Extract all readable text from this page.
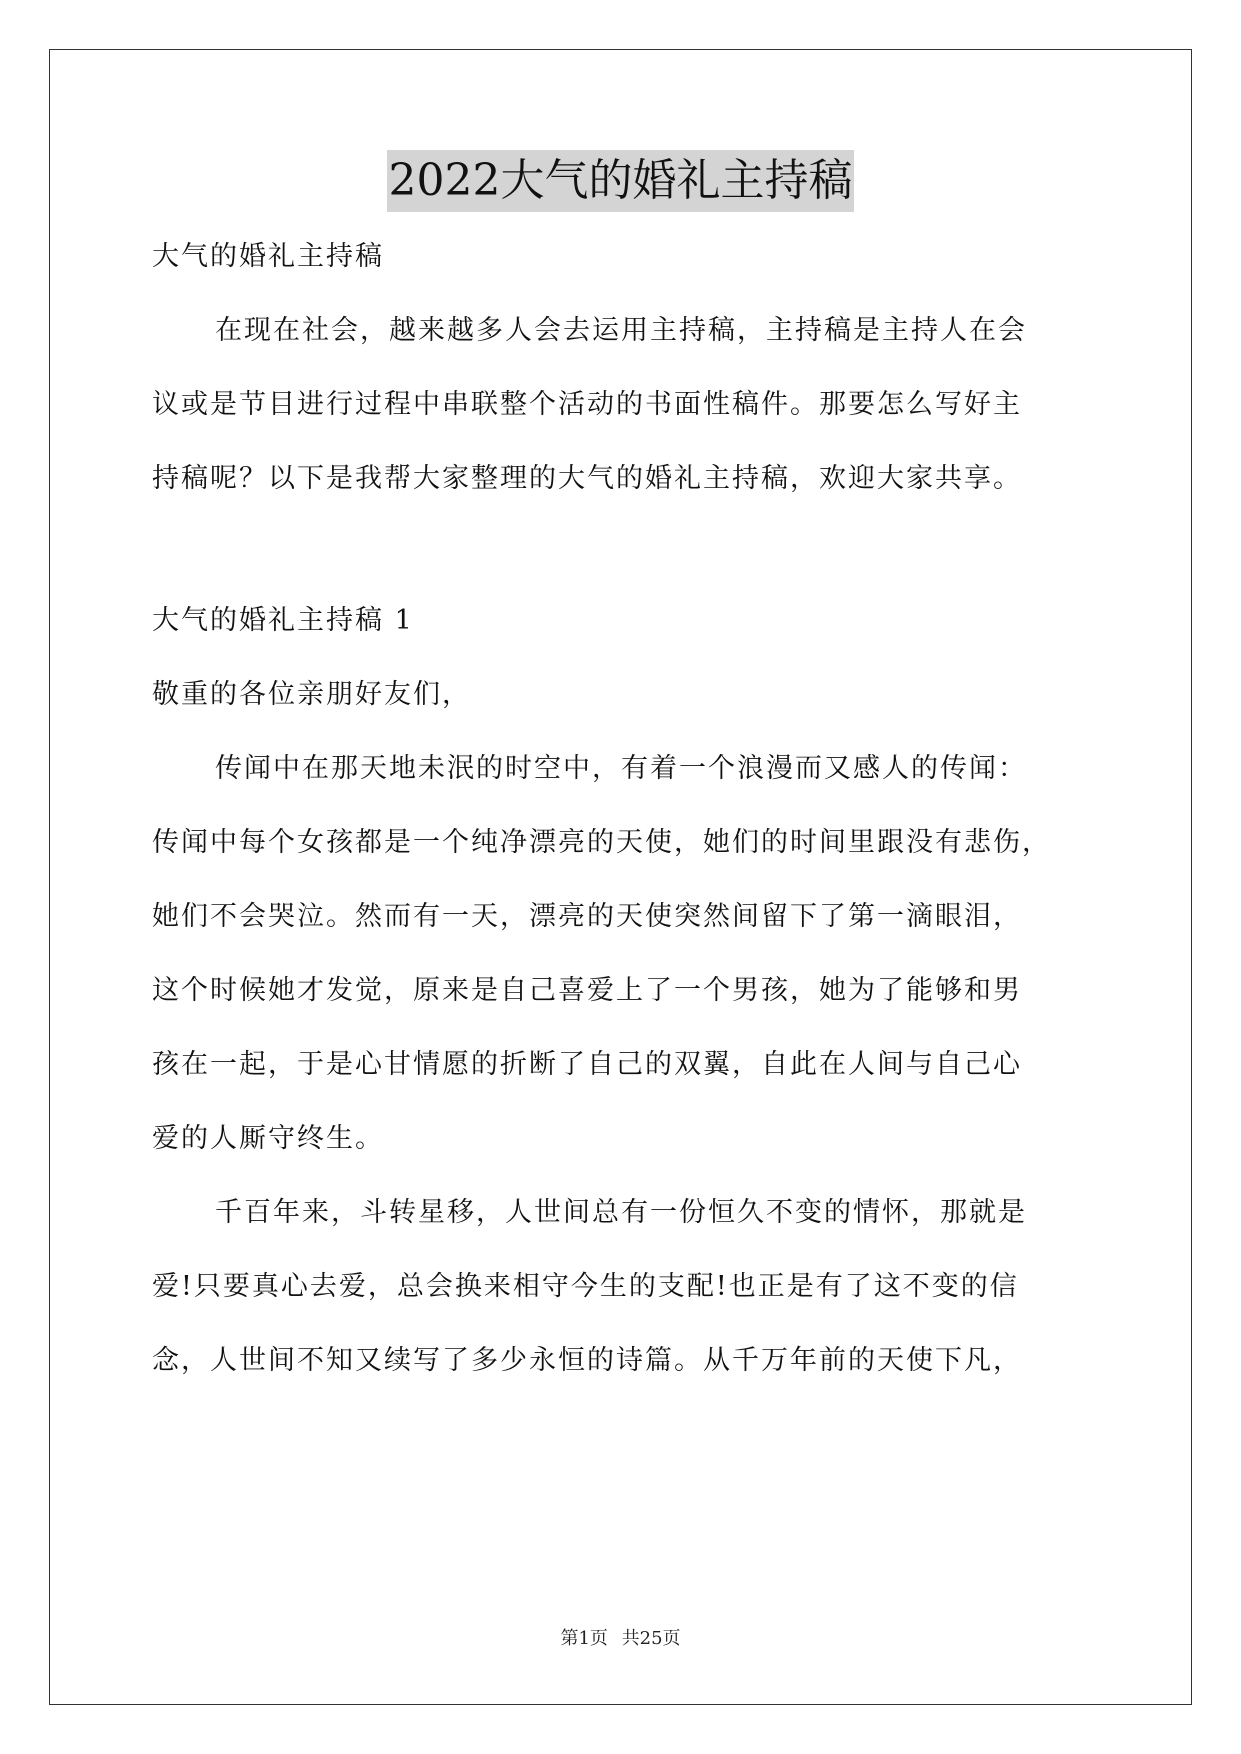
2022大气的婚礼主持稿
大气的婚礼主持稿
在现在社会，越来越多人会去运用主持稿，主持稿是主持人在会
议或是节目进行过程中串联整个活动的书面性稿件。那要怎么写好主
持稿呢？以下是我帮大家整理的大气的婚礼主持稿，欢迎大家共享。
大气的婚礼主持稿 1
敬重的各位亲朋好友们，
传闻中在那天地未泯的时空中，有着一个浪漫而又感人的传闻：
传闻中每个女孩都是一个纯净漂亮的天使，她们的时间里跟没有悲伤，
她们不会哭泣。然而有一天，漂亮的天使突然间留下了第一滴眼泪，
这个时候她才发觉，原来是自己喜爱上了一个男孩，她为了能够和男
孩在一起，于是心甘情愿的折断了自己的双翼，自此在人间与自己心
爱的人厮守终生。
千百年来，斗转星移，人世间总有一份恒久不变的情怀，那就是
爱!只要真心去爱，总会换来相守今生的支配!也正是有了这不变的信
念，人世间不知又续写了多少永恒的诗篇。从千万年前的天使下凡，
第1页 共25页
